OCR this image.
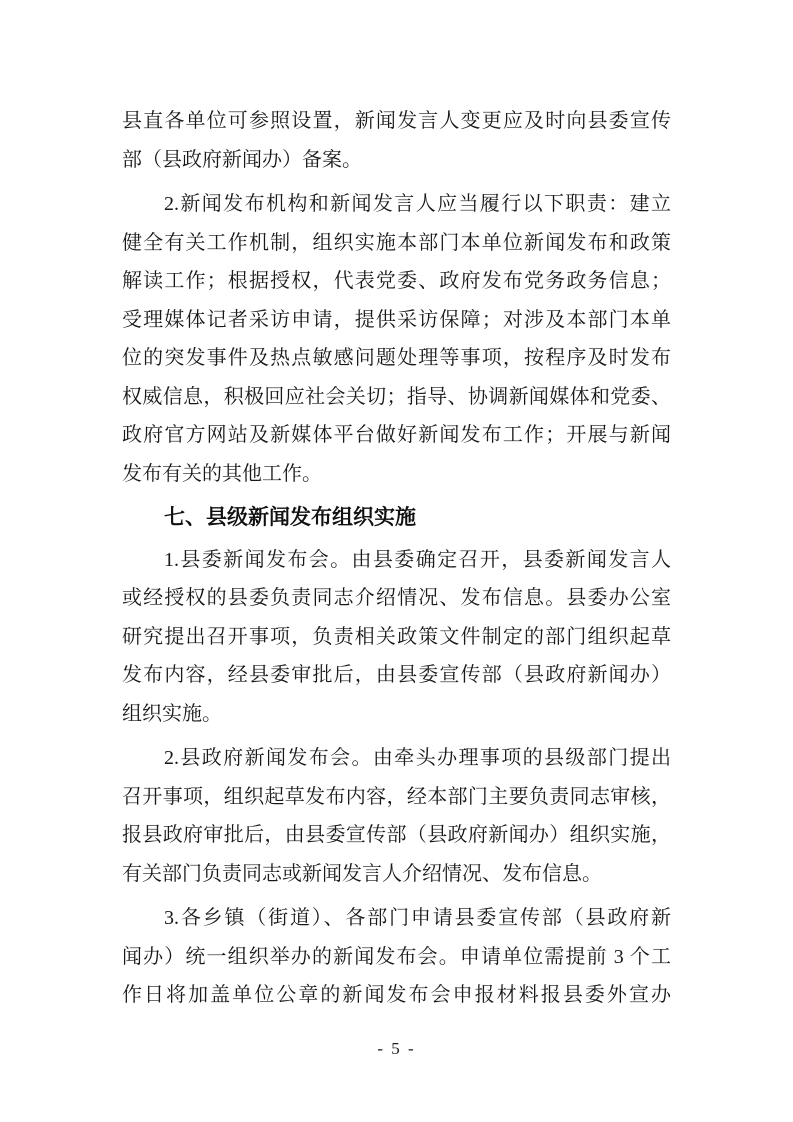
县直各单位可参照设置，新闻发言人变更应及时向县委宣传
部（县政府新闻办）备案。
2.新闻发布机构和新闻发言人应当履行以下职责：建立
健全有关工作机制，组织实施本部门本单位新闻发布和政策
解读工作；根据授权，代表党委、政府发布党务政务信息；
受理媒体记者采访申请，提供采访保障；对涉及本部门本单
位的突发事件及热点敏感问题处理等事项，按程序及时发布
权威信息，积极回应社会关切；指导、协调新闻媒体和党委、
政府官方网站及新媒体平台做好新闻发布工作；开展与新闻
发布有关的其他工作。
七、县级新闻发布组织实施
1.县委新闻发布会。由县委确定召开，县委新闻发言人
或经授权的县委负责同志介绍情况、发布信息。县委办公室
研究提出召开事项，负责相关政策文件制定的部门组织起草
发布内容，经县委审批后，由县委宣传部（县政府新闻办）
组织实施。
2.县政府新闻发布会。由牵头办理事项的县级部门提出
召开事项，组织起草发布内容，经本部门主要负责同志审核，
报县政府审批后，由县委宣传部（县政府新闻办）组织实施，
有关部门负责同志或新闻发言人介绍情况、发布信息。
3.各乡镇（街道）、各部门申请县委宣传部（县政府新
闻办）统一组织举办的新闻发布会。申请单位需提前 3 个工
作日将加盖单位公章的新闻发布会申报材料报县委外宣办
- 5 -
